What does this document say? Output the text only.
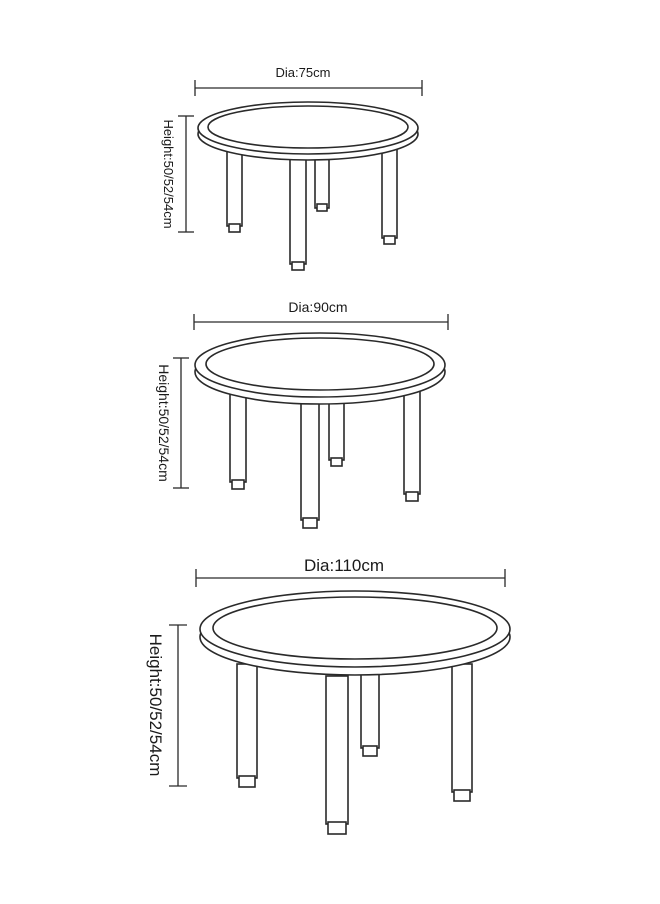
Dia:75cm
Height:50/52/54cm
Dia:90cm
Height:50/52/54cm
Dia:110cm
Height:50/52/54cm
